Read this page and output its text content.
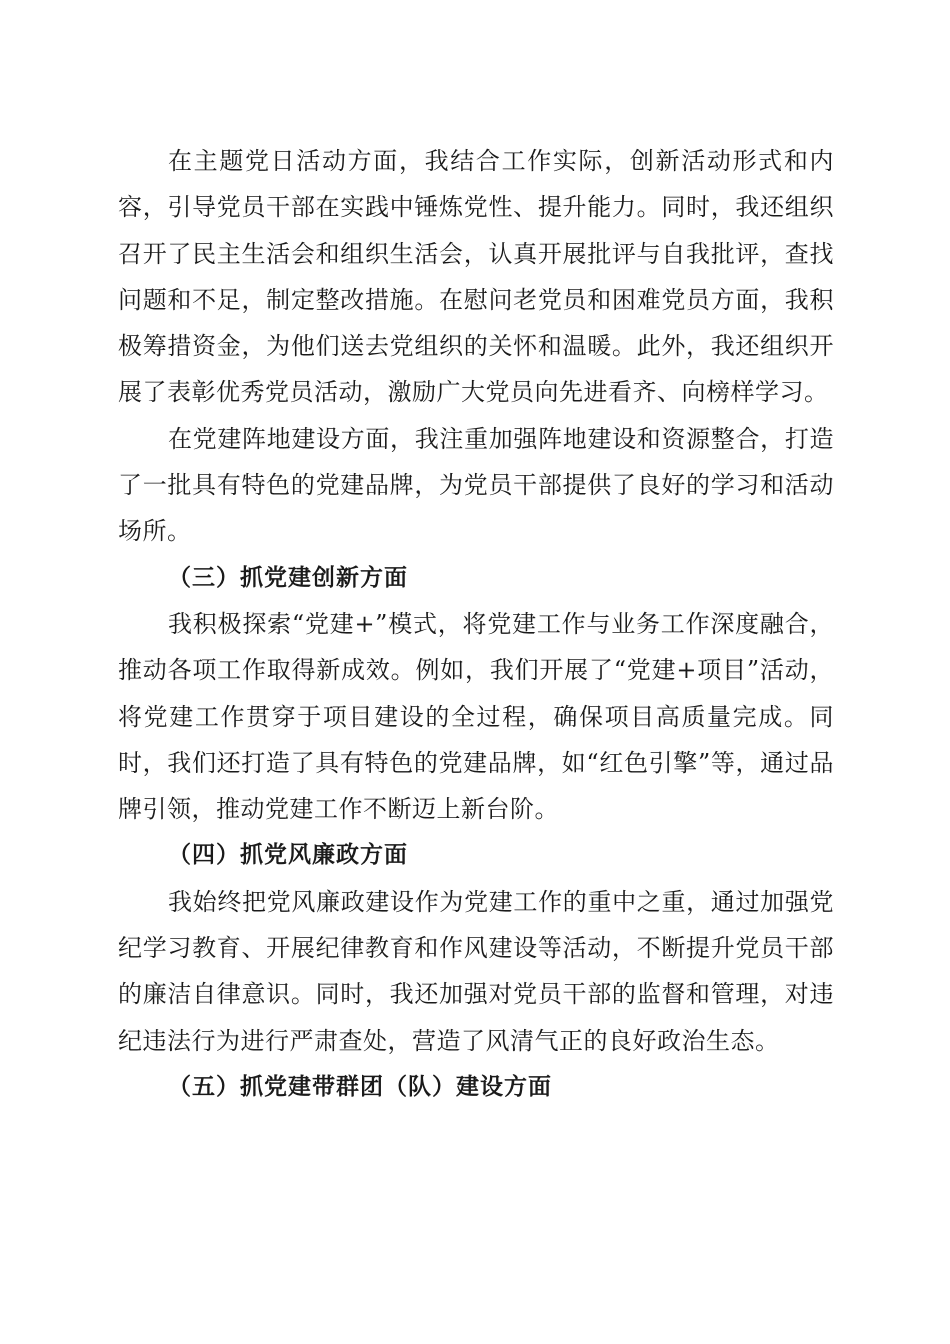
在主题党日活动方面，我结合工作实际，创新活动形式和内容，引导党员干部在实践中锤炼党性、提升能力。同时，我还组织召开了民主生活会和组织生活会，认真开展批评与自我批评，查找问题和不足，制定整改措施。在慰问老党员和困难党员方面，我积极筹措资金，为他们送去党组织的关怀和温暖。此外，我还组织开展了表彰优秀党员活动，激励广大党员向先进看齐、向榜样学习。

在党建阵地建设方面，我注重加强阵地建设和资源整合，打造了一批具有特色的党建品牌，为党员干部提供了良好的学习和活动场所。

（三）抓党建创新方面

我积极探索“党建+”模式，将党建工作与业务工作深度融合，推动各项工作取得新成效。例如，我们开展了“党建+项目”活动，将党建工作贯穿于项目建设的全过程，确保项目高质量完成。同时，我们还打造了具有特色的党建品牌，如“红色引擎”等，通过品牌引领，推动党建工作不断迈上新台阶。

（四）抓党风廉政方面

我始终把党风廉政建设作为党建工作的重中之重，通过加强党纪学习教育、开展纪律教育和作风建设等活动，不断提升党员干部的廉洁自律意识。同时，我还加强对党员干部的监督和管理，对违纪违法行为进行严肃查处，营造了风清气正的良好政治生态。

（五）抓党建带群团（队）建设方面
